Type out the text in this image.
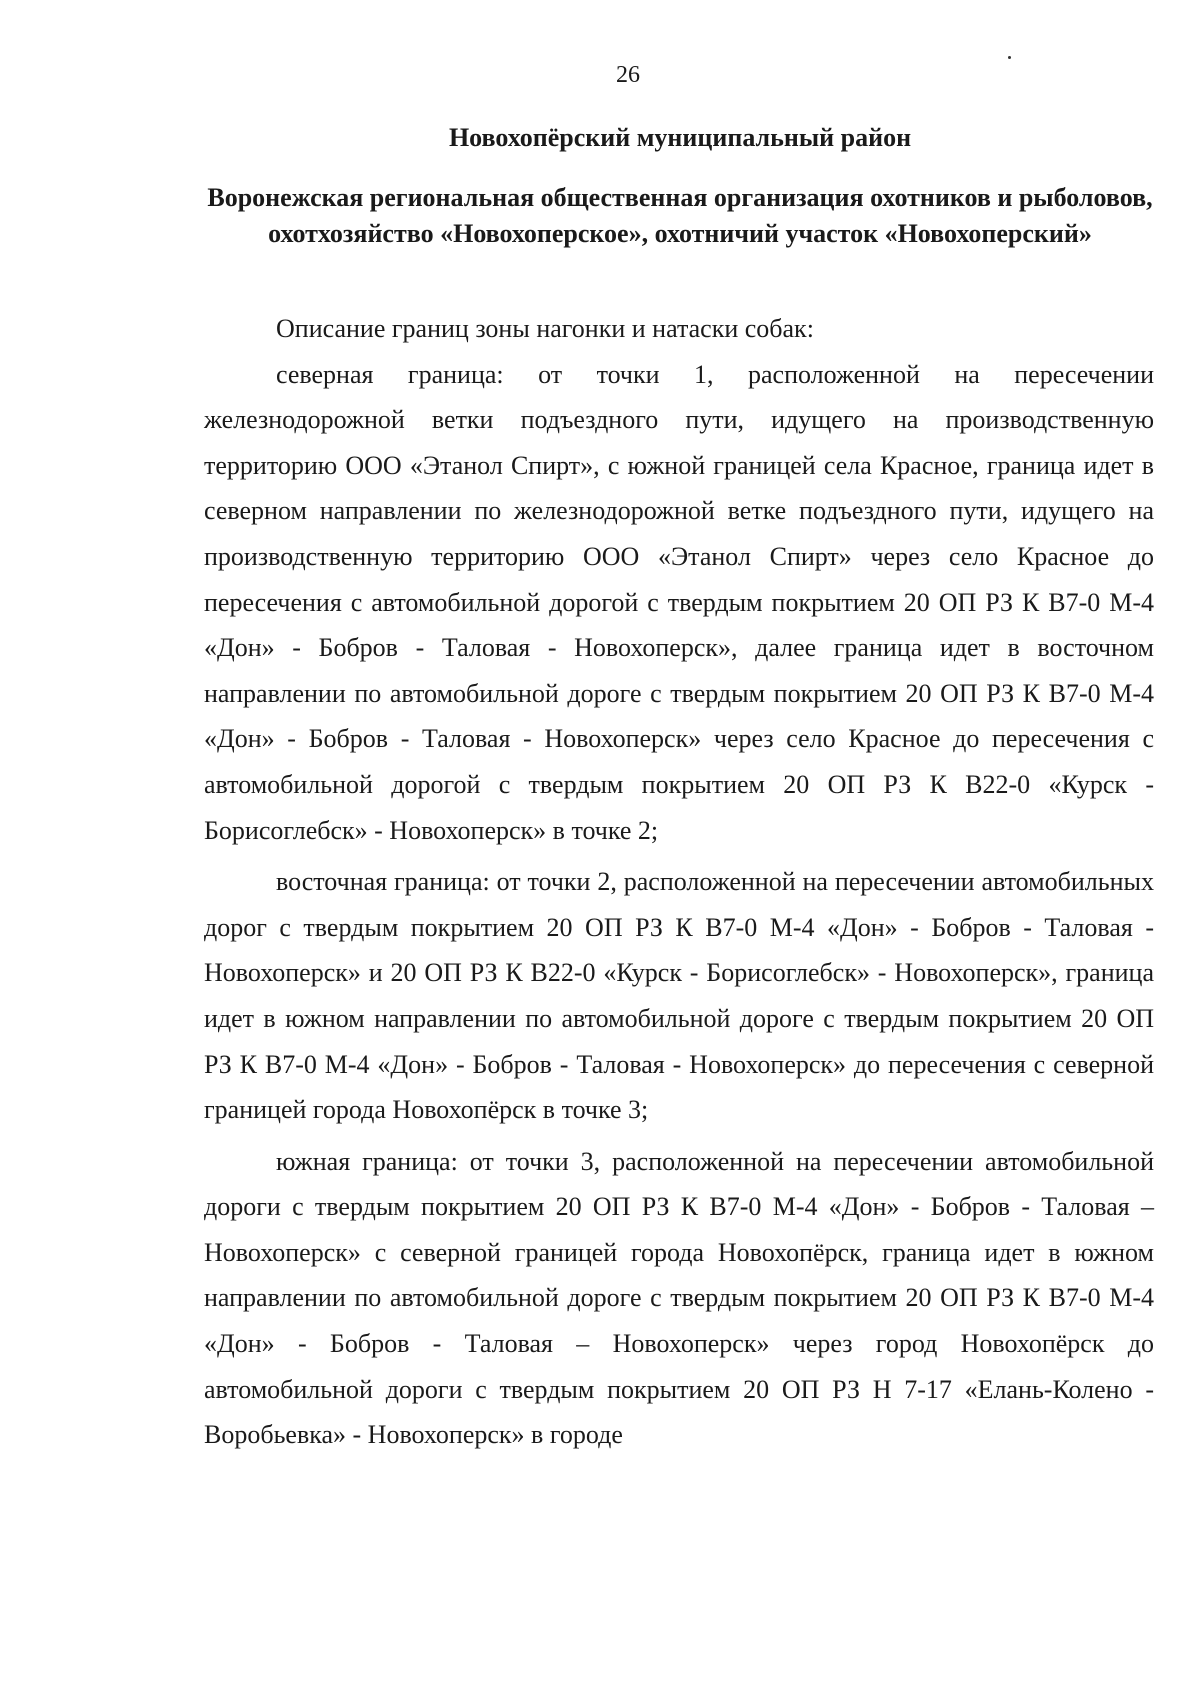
26
Новохопёрский муниципальный район
Воронежская региональная общественная организация охотников и рыболовов, охотхозяйство «Новохоперское», охотничий участок «Новохоперский»

Описание границ зоны нагонки и натаски собак:

северная граница: от точки 1, расположенной на пересечении железнодорожной ветки подъездного пути, идущего на производственную территорию ООО «Этанол Спирт», с южной границей села Красное, граница идет в северном направлении по железнодорожной ветке подъездного пути, идущего на производственную территорию ООО «Этанол Спирт» через село Красное до пересечения с автомобильной дорогой с твердым покрытием 20 ОП РЗ К В7-0 М-4 «Дон» - Бобров - Таловая - Новохоперск», далее граница идет в восточном направлении по автомобильной дороге с твердым покрытием 20 ОП РЗ К В7-0 М-4 «Дон» - Бобров - Таловая - Новохоперск» через село Красное до пересечения с автомобильной дорогой с твердым покрытием 20 ОП РЗ К В22-0 «Курск - Борисоглебск» - Новохоперск» в точке 2;

восточная граница: от точки 2, расположенной на пересечении автомобильных дорог с твердым покрытием 20 ОП РЗ К В7-0 М-4 «Дон» - Бобров - Таловая - Новохоперск» и 20 ОП РЗ К В22-0 «Курск - Борисоглебск» - Новохоперск», граница идет в южном направлении по автомобильной дороге с твердым покрытием 20 ОП РЗ К В7-0 М-4 «Дон» - Бобров - Таловая - Новохоперск» до пересечения с северной границей города Новохопёрск в точке 3;

южная граница: от точки 3, расположенной на пересечении автомобильной дороги с твердым покрытием 20 ОП РЗ К В7-0 М-4 «Дон» - Бобров - Таловая – Новохоперск» с северной границей города Новохопёрск, граница идет в южном направлении по автомобильной дороге с твердым покрытием 20 ОП РЗ К В7-0 М-4 «Дон» - Бобров - Таловая – Новохоперск» через город Новохопёрск до автомобильной дороги с твердым покрытием 20 ОП РЗ Н 7-17 «Елань-Колено - Воробьевка» - Новохоперск» в городе
